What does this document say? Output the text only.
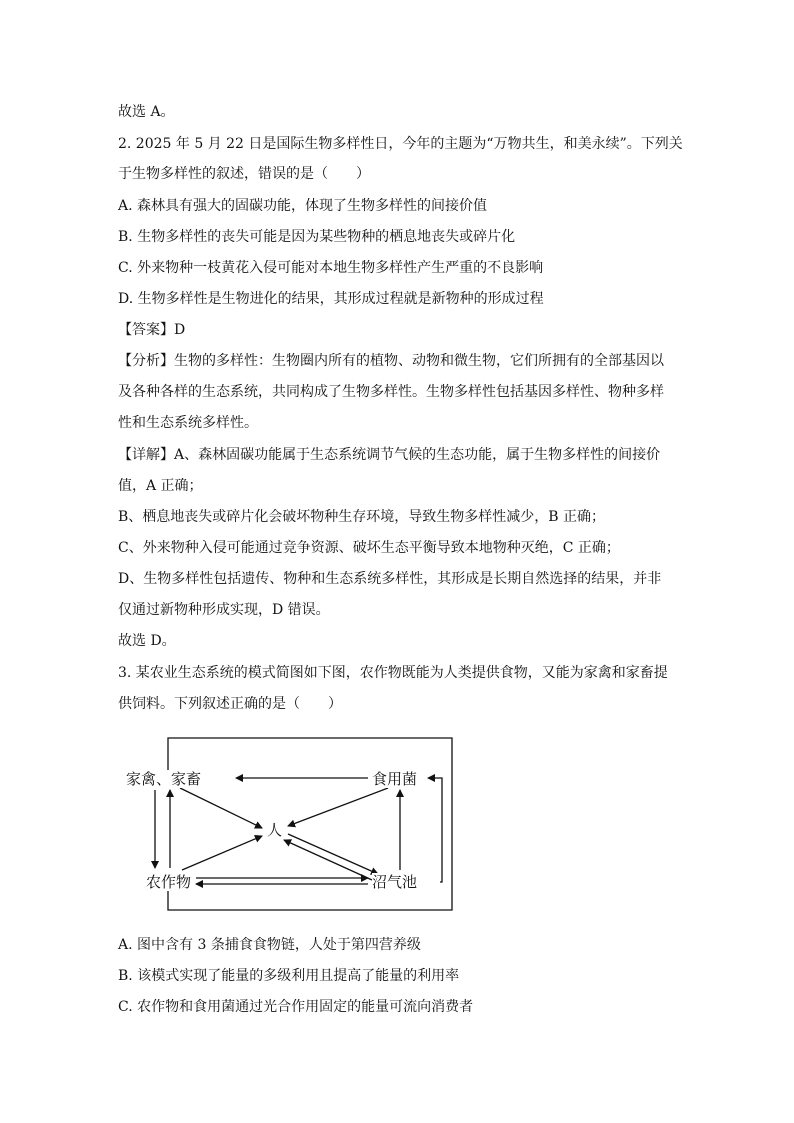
故选 A。
2. 2025 年 5 月 22 日是国际生物多样性日，今年的主题为“万物共生，和美永续”。下列关
于生物多样性的叙述，错误的是（　　）
A. 森林具有强大的固碳功能，体现了生物多样性的间接价值
B. 生物多样性的丧失可能是因为某些物种的栖息地丧失或碎片化
C. 外来物种一枝黄花入侵可能对本地生物多样性产生严重的不良影响
D. 生物多样性是生物进化的结果，其形成过程就是新物种的形成过程
【答案】D
【分析】生物的多样性：生物圈内所有的植物、动物和微生物，它们所拥有的全部基因以
及各种各样的生态系统，共同构成了生物多样性。生物多样性包括基因多样性、物种多样
性和生态系统多样性。
【详解】A、森林固碳功能属于生态系统调节气候的生态功能，属于生物多样性的间接价
值，A 正确；
B、栖息地丧失或碎片化会破坏物种生存环境，导致生物多样性减少，B 正确；
C、外来物种入侵可能通过竞争资源、破坏生态平衡导致本地物种灭绝，C 正确；
D、生物多样性包括遗传、物种和生态系统多样性，其形成是长期自然选择的结果，并非
仅通过新物种形成实现，D 错误。
故选 D。
3. 某农业生态系统的模式简图如下图，农作物既能为人类提供食物，又能为家禽和家畜提
供饲料。下列叙述正确的是（　　）
家禽、家畜	食用菌
人
农作物	沼气池
A. 图中含有 3 条捕食食物链，人处于第四营养级
B. 该模式实现了能量的多级利用且提高了能量的利用率
C. 农作物和食用菌通过光合作用固定的能量可流向消费者
